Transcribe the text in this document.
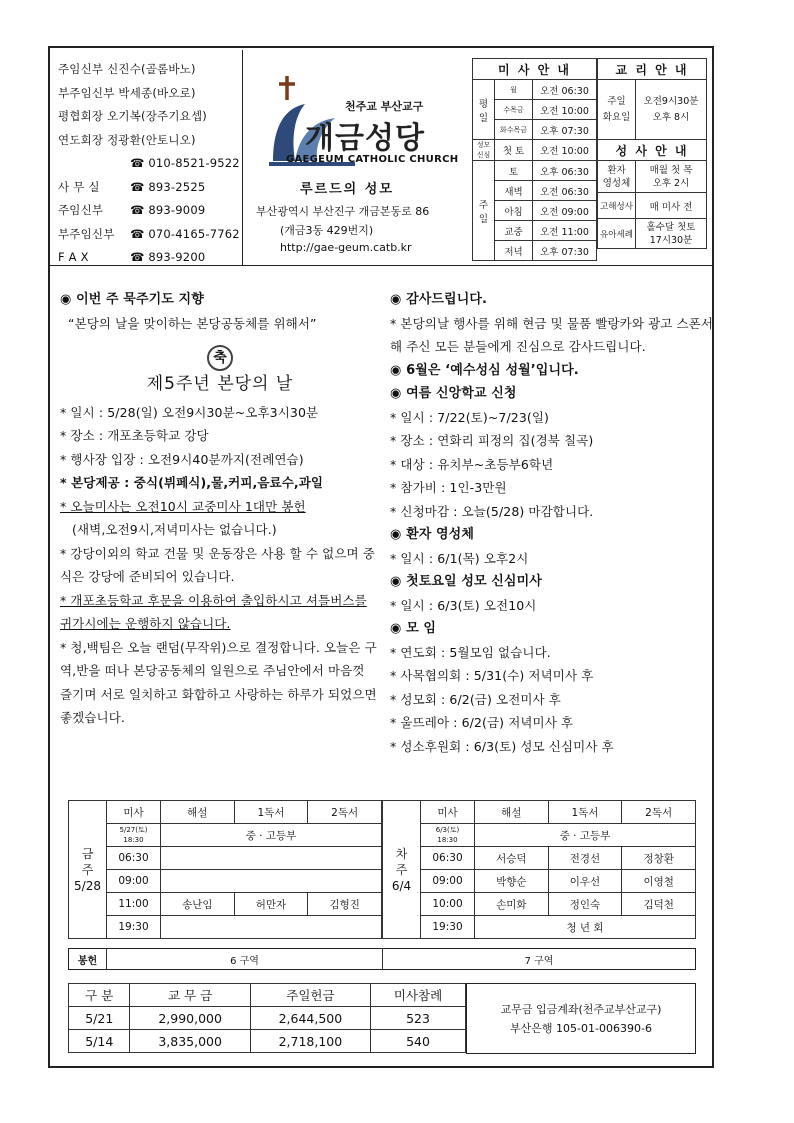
주임신부 신진수(골롬바노)
부주임신부 박세종(바오로)
평협회장 오기복(장주기요셉)
연도회장 정광환(안토니오)
☎ 010-8521-9522
사 무 실	☎ 893-2525
주임신부 ☎ 893-9009
부주임신부 ☎ 070-4165-7762
F A X	☎ 893-9200
천주교 부산교구
개금성당
GAEGEUM CATHOLIC CHURCH
루르드의 성모
부산광역시 부산진구 개금본동로 86
(개금3동 429번지)
http://gae-geum.catb.kr
미 사 안 내		
평일	월	오전 06:30
	수목금	오전 10:00
	화수목금	오후 07:30
성모신심	첫 토	오전 10:00
주일	토	오후 06:30
	새벽	오전 06:30
	아침	오전 09:00
	교중	오전 11:00
	저녁	오후 07:30
교 리 안 내	
주일
화요일	오전9시30분
오후 8시
성 사 안 내	
환자
영성체	매월 첫 목
오후 2시
고해성사	매 미사 전
유아세례	홀수달 첫토
17시30분
◉ 이번 주 묵주기도 지향
“본당의 날을 맞이하는 본당공동체를 위해서”
축
제5주년 본당의 날
* 일시 : 5/28(일) 오전9시30분~오후3시30분
* 장소 : 개포초등학교 강당
* 행사장 입장 : 오전9시40분까지(전례연습)
* 본당제공 : 중식(뷔페식),물,커피,음료수,과일
* 오늘미사는 오전10시 교중미사 1대만 봉헌
(새벽,오전9시,저녁미사는 없습니다.)
* 강당이외의 학교 건물 및 운동장은 사용 할 수 없으며 중식은 강당에 준비되어 있습니다.
* 개포초등학교 후문을 이용하여 출입하시고 셔틀버스를 귀가시에는 운행하지 않습니다.
* 청,백팀은 오늘 랜덤(무작위)으로 결정합니다. 오늘은 구역,반을 떠나 본당공동체의 일원으로 주님안에서 마음껏 즐기며 서로 일치하고 화합하고 사랑하는 하루가 되었으면 좋겠습니다.
◉ 감사드립니다.
* 본당의날 행사를 위해 현금 및 물품 빨랑카와 광고 스폰서 해 주신 모든 분들에게 진심으로 감사드립니다.
◉ 6월은 ‘예수성심 성월’입니다.
◉ 여름 신앙학교 신청
* 일시 : 7/22(토)~7/23(일)
* 장소 : 연화리 피정의 집(경북 칠곡)
* 대상 : 유치부~초등부6학년
* 참가비 : 1인-3만원
* 신청마감 : 오늘(5/28) 마감합니다.
◉ 환자 영성체
* 일시 : 6/1(목) 오후2시
◉ 첫토요일 성모 신심미사
* 일시 : 6/3(토) 오전10시
◉ 모 임
* 연도회 : 5월모임 없습니다.
* 사목협의회 : 5/31(수) 저녁미사 후
* 성모회 : 6/2(금) 오전미사 후
* 울뜨레아 : 6/2(금) 저녁미사 후
* 성소후원회 : 6/3(토) 성모 신심미사 후
금
주
5/28	미사	해설	1독서	2독서
	5/27(토)
18:30	중 · 고등부		
	06:30			
	09:00			
	11:00	송난임	허만자	김형진
	19:30			
차
주
6/4	미사	해설	1독서	2독서
	6/3(토)
18:30	중 · 고등부		
	06:30	서승덕	전경선	정창환
	09:00	박향순	이우선	이영철
	10:00	손미화	정인숙	김덕천
	19:30	청 년 회		
봉헌	6 구역	7 구역
구 분	교 무 금	주일헌금	미사참례
5/21	2,990,000	2,644,500	523
5/14	3,835,000	2,718,100	540
교무금 입금계좌(천주교부산교구)
부산은행 105-01-006390-6
